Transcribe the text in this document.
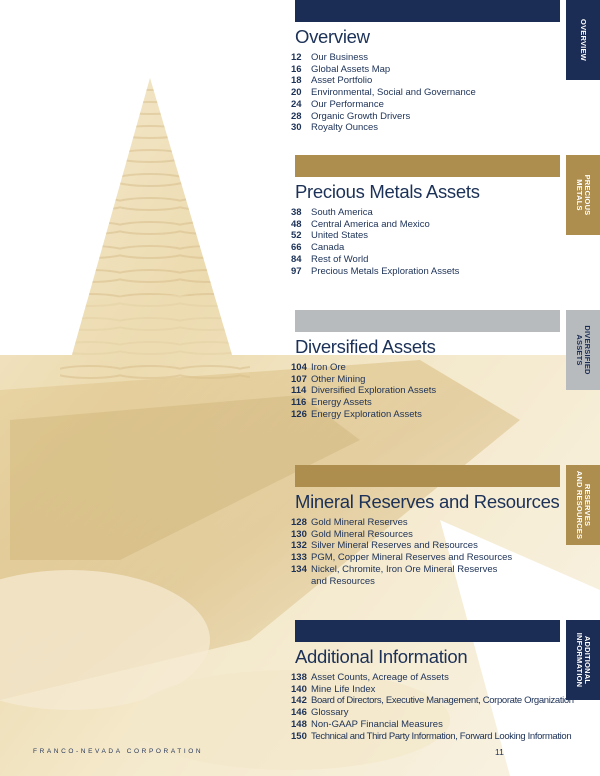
OVERVIEW
Overview
12 Our Business
16 Global Assets Map
18 Asset Portfolio
20 Environmental, Social and Governance
24 Our Performance
28 Organic Growth Drivers
30 Royalty Ounces
PRECIOUS
METALS
Precious Metals Assets
38 South America
48 Central America and Mexico
52 United States
66 Canada
84 Rest of World
97 Precious Metals Exploration Assets
DIVERSIFIED
ASSETS
Diversified Assets
104 Iron Ore
107 Other Mining
114 Diversified Exploration Assets
116 Energy Assets
126 Energy Exploration Assets
RESERVES
AND RESOURCES
Mineral Reserves and Resources
128 Gold Mineral Reserves
130 Gold Mineral Resources
132 Silver Mineral Reserves and Resources
133 PGM, Copper Mineral Reserves and Resources
134 Nickel, Chromite, Iron Ore Mineral Reserves
and Resources
ADDITIONAL
INFORMATION
Additional Information
138 Asset Counts, Acreage of Assets
140 Mine Life Index
142 Board of Directors, Executive Management, Corporate Organization
146 Glossary
148 Non-GAAP Financial Measures
150 Technical and Third Party Information, Forward Looking Information
FRANCO-NEVADA CORPORATION	11
